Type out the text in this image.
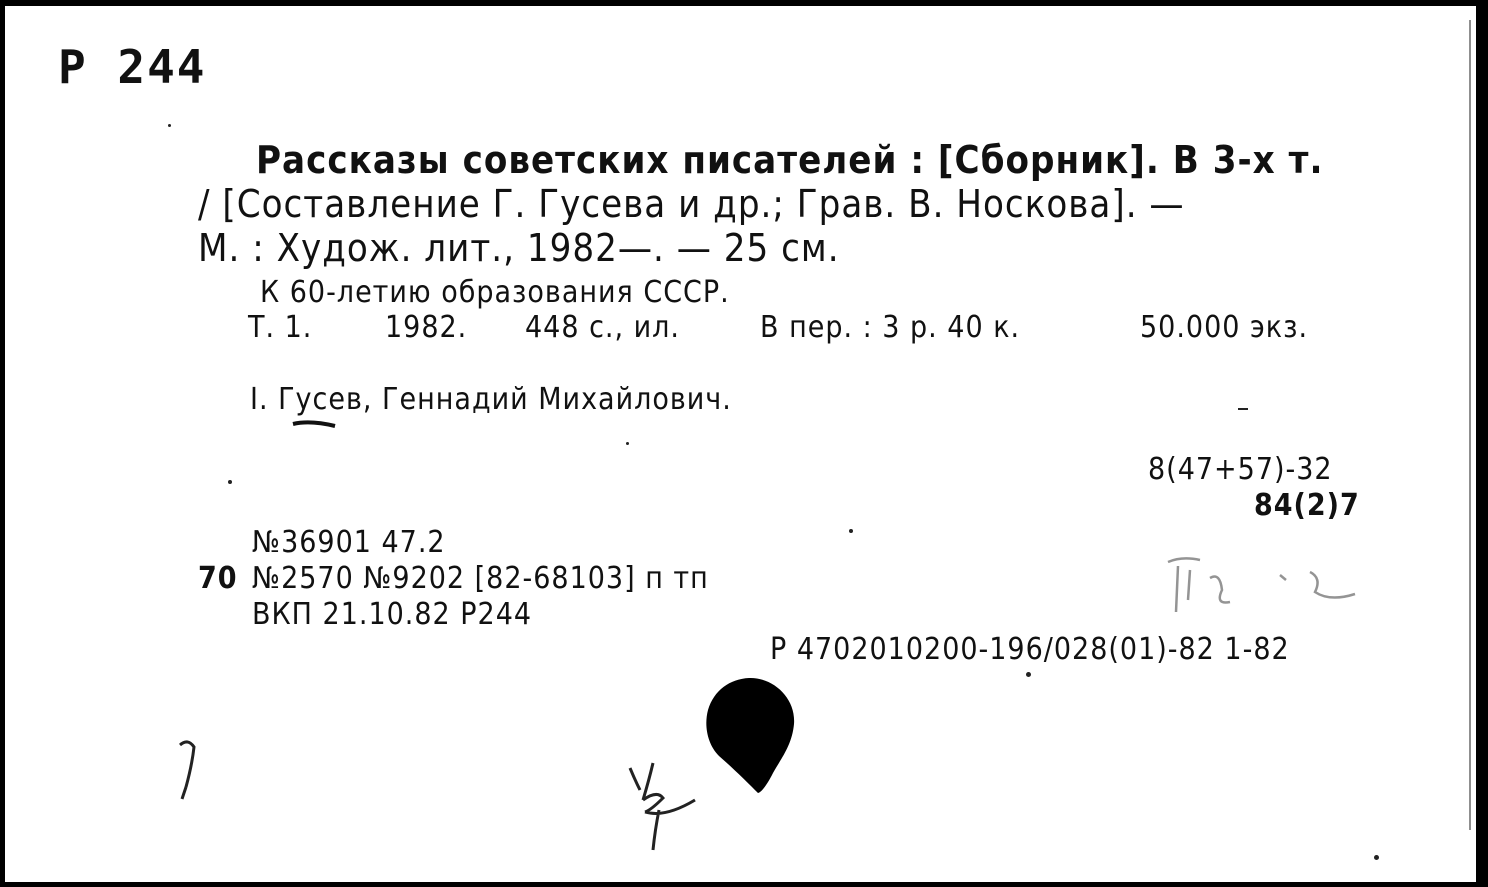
Р 244
Рассказы советских писателей : [Сборник]. В 3-х т.
/ [Составление Г. Гусева и др.; Грав. В. Носкова]. —
М. : Худож. лит., 1982—. — 25 см.
К 60-летию образования СССР.
Т. 1. 1982. 448 с., ил.	В пер. : 3 р. 40 к.	50.000 экз.
I. Гусев, Геннадий Михайлович.
8(47+57)-32
84(2)7
№36901 47.2
70 №2570 №9202 [82-68103] п тп
ВКП 21.10.82 Р244
Р 4702010200-196/028(01)-82 1-82
